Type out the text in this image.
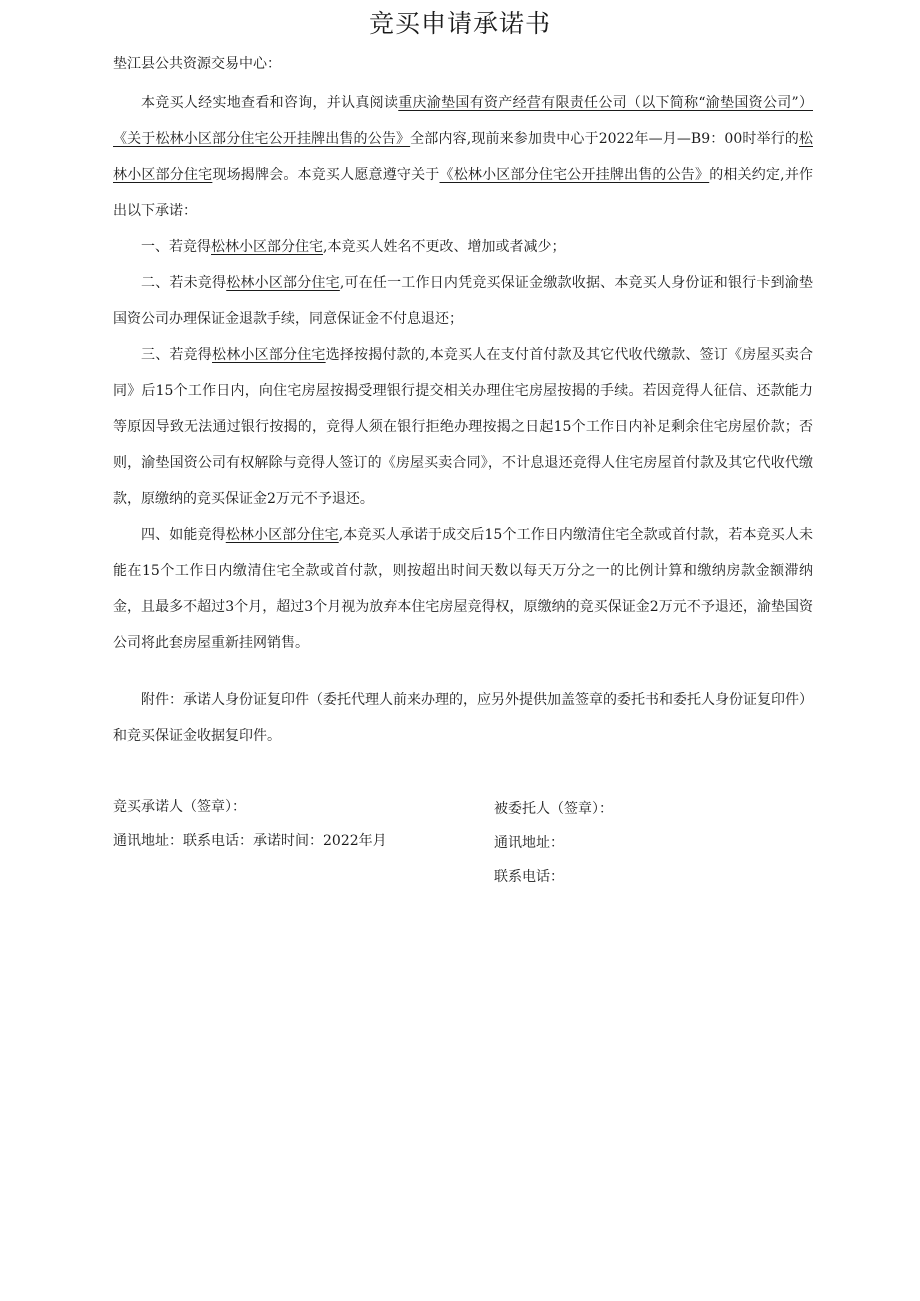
竞买申请承诺书
垫江县公共资源交易中心：

本竞买人经实地查看和咨询，并认真阅读重庆渝垫国有资产经营有限责任公司（以下简称“渝垫国资公司”）《关于松林小区部分住宅公开挂牌出售的公告》全部内容,现前来参加贵中心于2022年—月—B9：00时举行的松林小区部分住宅现场揭牌会。本竞买人愿意遵守关于《松林小区部分住宅公开挂牌出售的公告》的相关约定,并作出以下承诺：

一、若竞得松林小区部分住宅,本竞买人姓名不更改、增加或者减少；

二、若未竞得松林小区部分住宅,可在任一工作日内凭竞买保证金缴款收据、本竞买人身份证和银行卡到渝垫国资公司办理保证金退款手续，同意保证金不付息退还；

三、若竞得松林小区部分住宅选择按揭付款的,本竞买人在支付首付款及其它代收代缴款、签订《房屋买卖合同》后15个工作日内，向住宅房屋按揭受理银行提交相关办理住宅房屋按揭的手续。若因竞得人征信、还款能力等原因导致无法通过银行按揭的，竞得人须在银行拒绝办理按揭之日起15个工作日内补足剩余住宅房屋价款；否则，渝垫国资公司有权解除与竞得人签订的《房屋买卖合同》，不计息退还竞得人住宅房屋首付款及其它代收代缴款，原缴纳的竞买保证金2万元不予退还。

四、如能竞得松林小区部分住宅,本竞买人承诺于成交后15个工作日内缴清住宅全款或首付款，若本竞买人未能在15个工作日内缴清住宅全款或首付款，则按超出时间天数以每天万分之一的比例计算和缴纳房款金额滞纳金，且最多不超过3个月，超过3个月视为放弃本住宅房屋竞得权，原缴纳的竞买保证金2万元不予退还，渝垫国资公司将此套房屋重新挂网销售。

附件：承诺人身份证复印件（委托代理人前来办理的，应另外提供加盖签章的委托书和委托人身份证复印件）和竞买保证金收据复印件。

竞买承诺人（签章）：
通讯地址：联系电话：承诺时间：2022年月
被委托人（签章）：
通讯地址：
联系电话：
